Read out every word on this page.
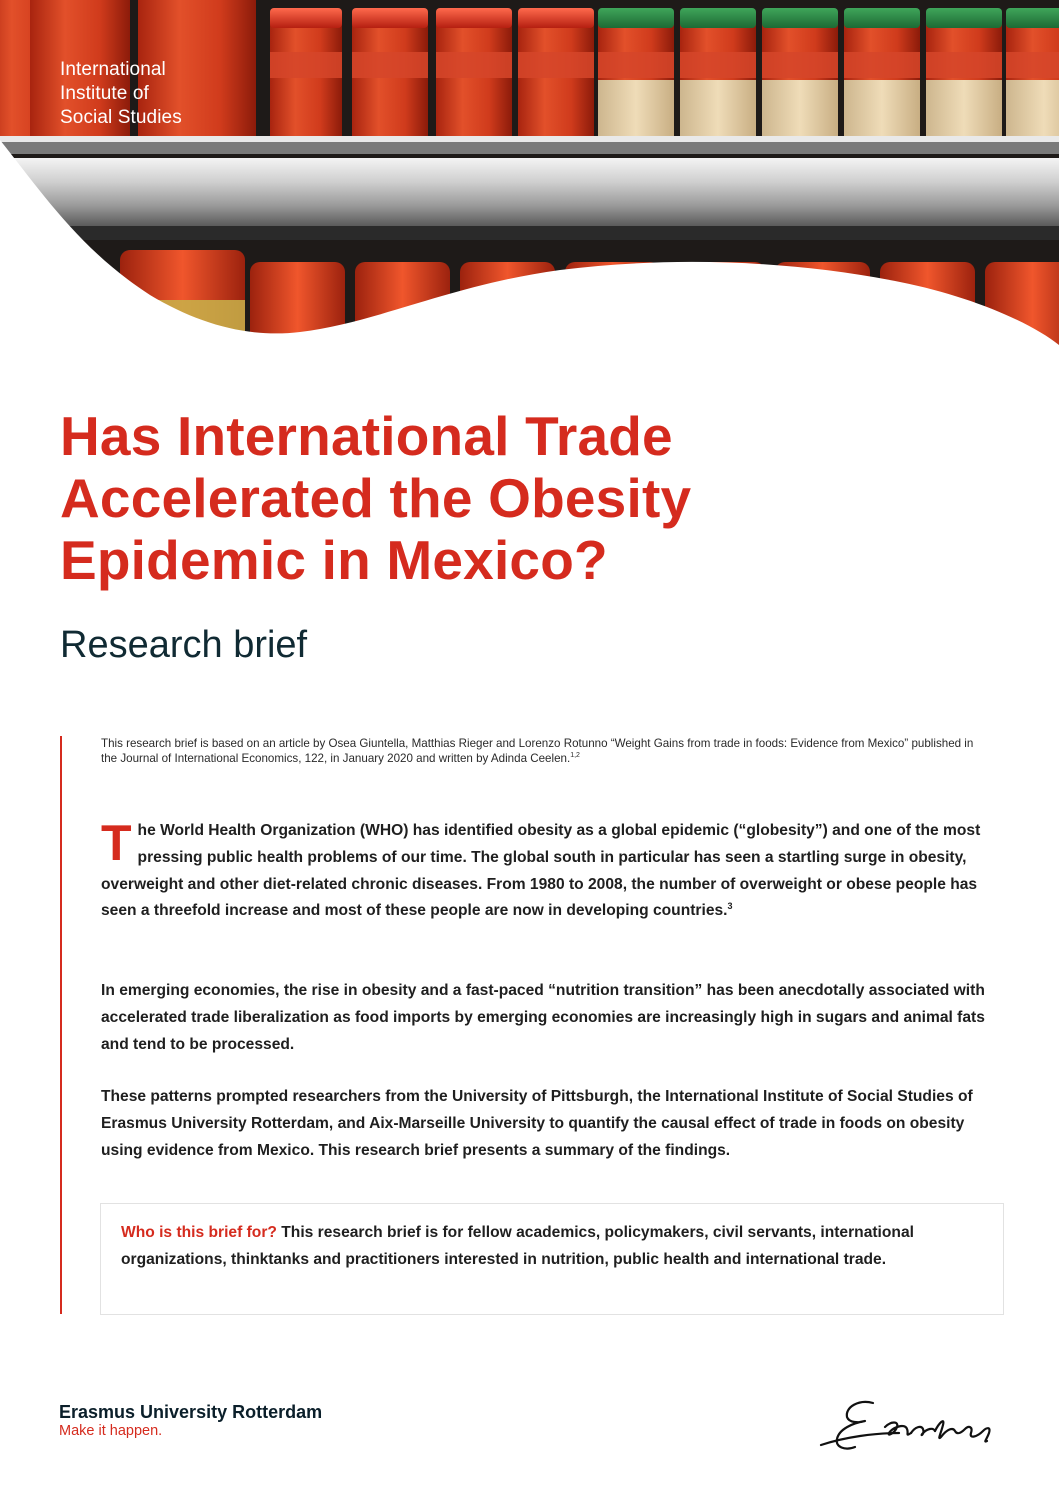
International
Institute of
Social Studies
Has International Trade
Accelerated the Obesity
Epidemic in Mexico?
Research brief

This research brief is based on an article by Osea Giuntella, Matthias Rieger and Lorenzo Rotunno “Weight Gains from trade in foods: Evidence from Mexico” published in the Journal of International Economics, 122, in January 2020 and written by Adinda Ceelen.$^{1,2}$

The World Health Organization (WHO) has identified obesity as a global epidemic (“globesity”) and one of the most pressing public health problems of our time. The global south in particular has seen a startling surge in obesity, overweight and other diet-related chronic diseases. From 1980 to 2008, the number of overweight or obese people has seen a threefold increase and most of these people are now in developing countries.$^3$

In emerging economies, the rise in obesity and a fast-paced “nutrition transition” has been anecdotally associated with accelerated trade liberalization as food imports by emerging economies are increasingly high in sugars and animal fats and tend to be processed.

These patterns prompted researchers from the University of Pittsburgh, the International Institute of Social Studies of Erasmus University Rotterdam, and Aix-Marseille University to quantify the causal effect of trade in foods on obesity using evidence from Mexico. This research brief presents a summary of the findings.

Who is this brief for? This research brief is for fellow academics, policymakers, civil servants, international organizations, thinktanks and practitioners interested in nutrition, public health and international trade.
Erasmus University Rotterdam
Make it happen.
